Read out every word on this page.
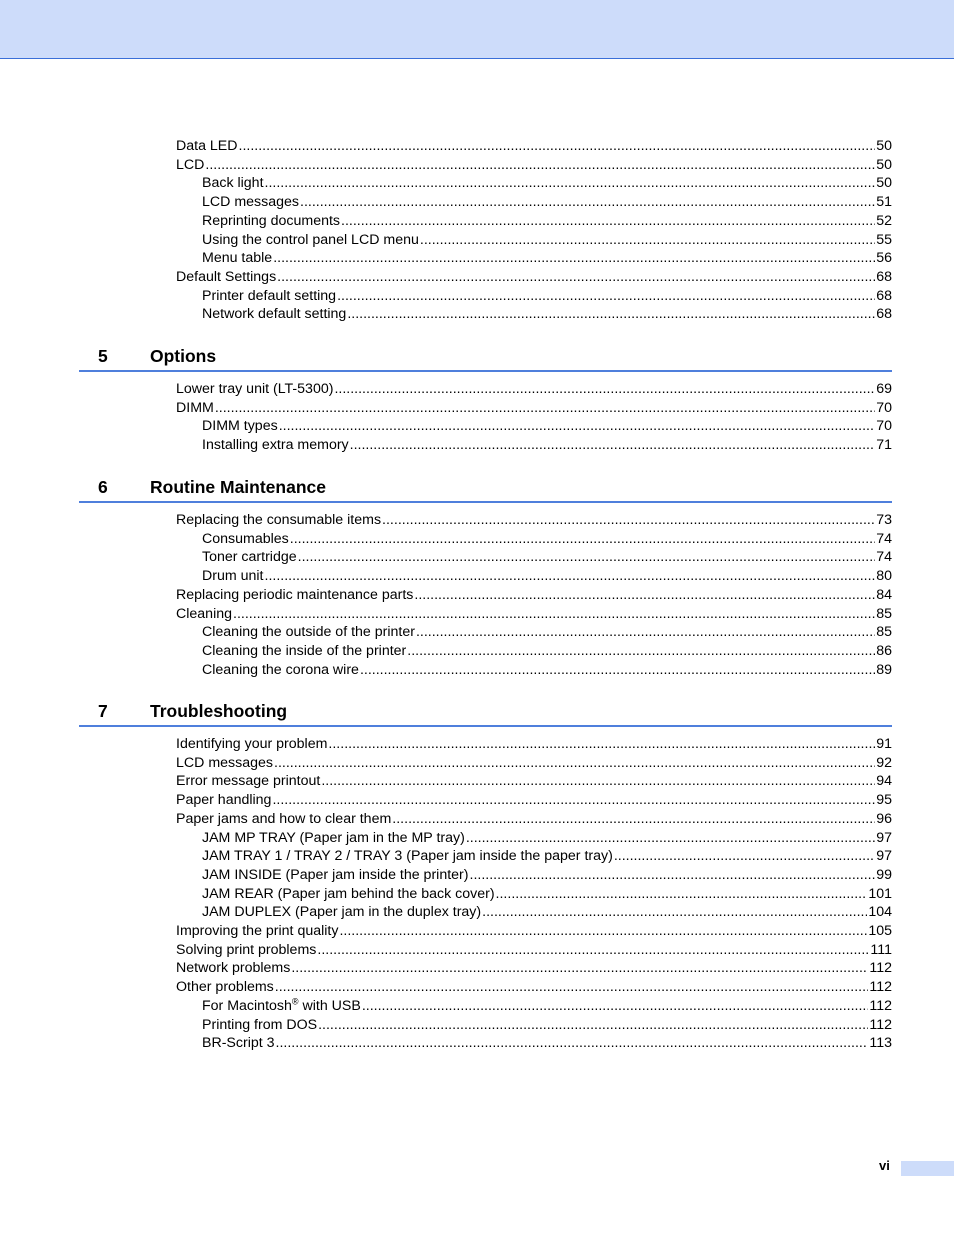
Data LED .....	50
LCD .....	50
Back light .....	50
LCD messages .....	51
Reprinting documents .....	52
Using the control panel LCD menu .....	55
Menu table .....	56
Default Settings .....	68
Printer default setting .....	68
Network default setting .....	68
5 Options
Lower tray unit (LT-5300) .....	69
DIMM .....	70
DIMM types .....	70
Installing extra memory .....	71
6 Routine Maintenance
Replacing the consumable items .....	73
Consumables .....	74
Toner cartridge .....	74
Drum unit .....	80
Replacing periodic maintenance parts .....	84
Cleaning .....	85
Cleaning the outside of the printer .....	85
Cleaning the inside of the printer .....	86
Cleaning the corona wire .....	89
7 Troubleshooting
Identifying your problem .....	91
LCD messages .....	92
Error message printout .....	94
Paper handling .....	95
Paper jams and how to clear them .....	96
JAM MP TRAY (Paper jam in the MP tray) .....	97
JAM TRAY 1 / TRAY 2 / TRAY 3 (Paper jam inside the paper tray) .....	97
JAM INSIDE (Paper jam inside the printer) .....	99
JAM REAR (Paper jam behind the back cover) .....	101
JAM DUPLEX (Paper jam in the duplex tray) .....	104
Improving the print quality .....	105
Solving print problems .....	111
Network problems .....	112
Other problems .....	112
For Macintosh® with USB .....	112
Printing from DOS .....	112
BR-Script 3 .....	113
vi
